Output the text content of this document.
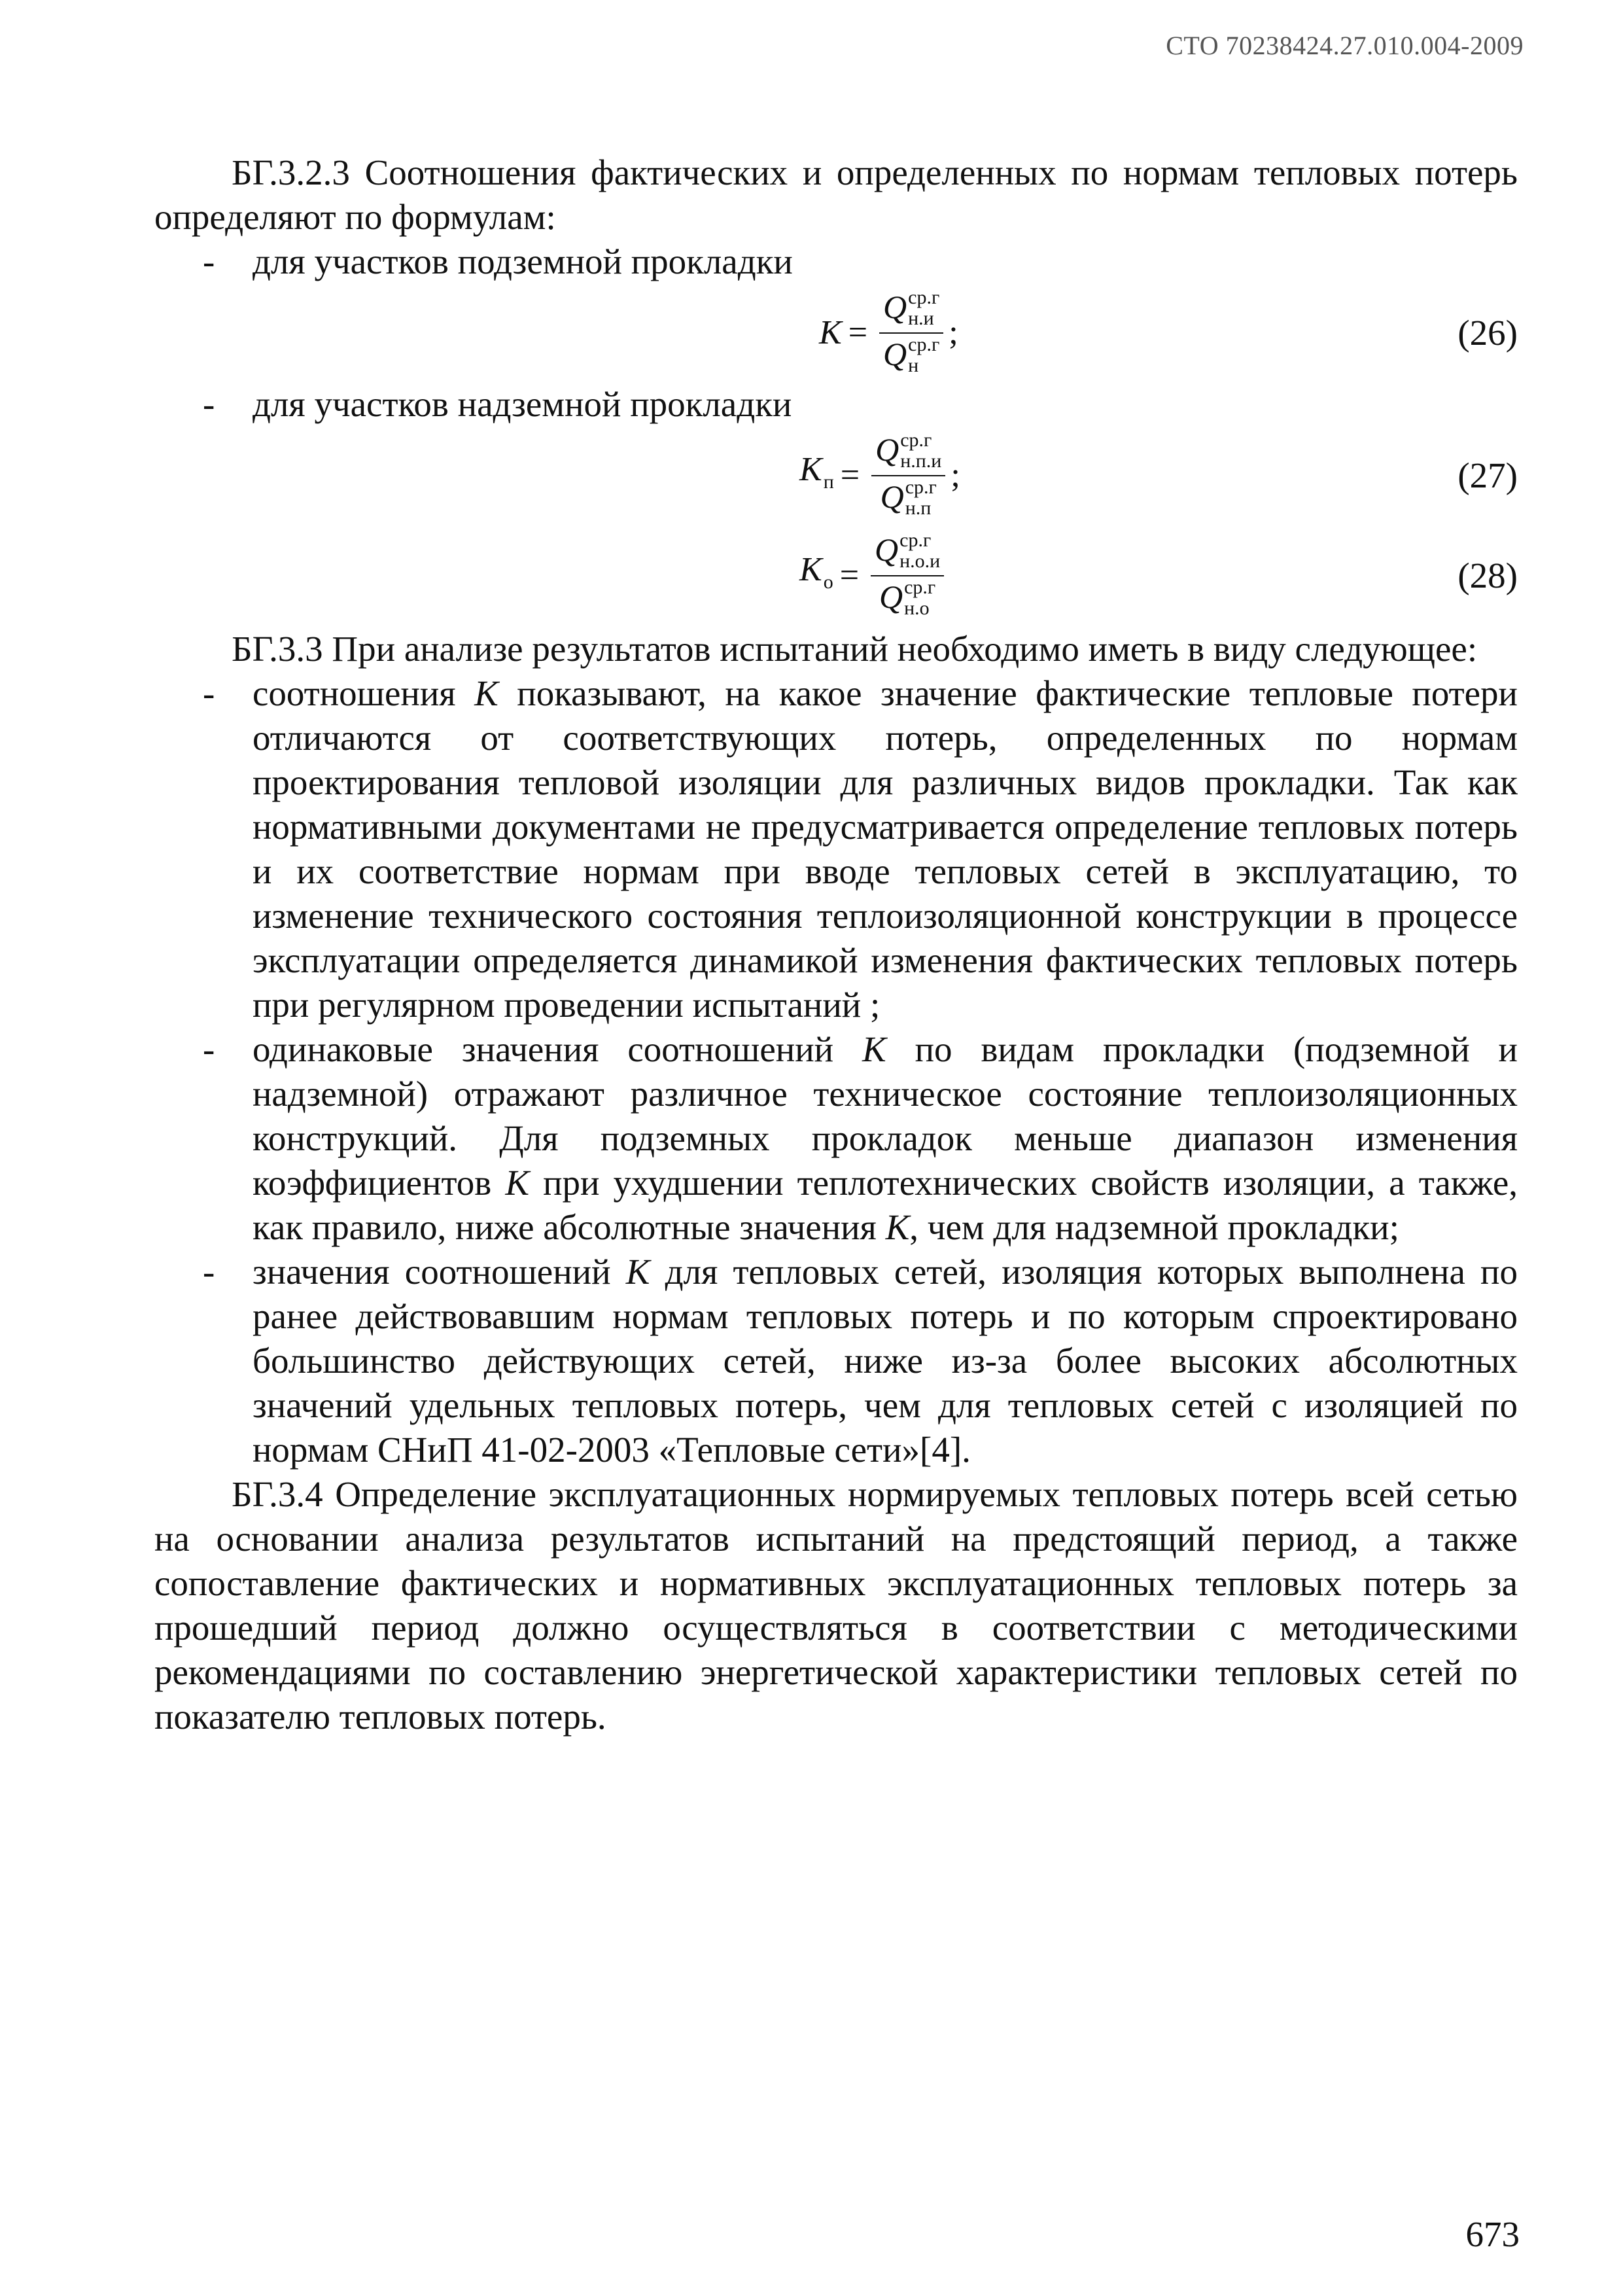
СТО 70238424.27.010.004-2009

БГ.3.2.3 Соотношения фактических и определенных по нормам тепловых потерь определяют по формулам:

- для участков подземной прокладки

K = Q ср.г
н.и
Q ср.г
н ;	(26)

- для участков надземной прокладки

$K_п = Q$ ср.г
н.п.и
Q ср.г
н.п ;	(27)
$K_о = Q$ ср.г
н.о.и
Q ср.г
н.о	(28)

БГ.3.3 При анализе результатов испытаний необходимо иметь в виду следующее:

- соотношения K показывают, на какое значение фактические тепловые потери отличаются от соответствующих потерь, определенных по нормам проектирования тепловой изоляции для различных видов прокладки. Так как нормативными документами не предусматривается определение тепловых потерь и их соответствие нормам при вводе тепловых сетей в эксплуатацию, то изменение технического состояния теплоизоляционной конструкции в процессе эксплуатации определяется динамикой изменения фактических тепловых потерь при регулярном проведении испытаний ;

- одинаковые значения соотношений K по видам прокладки (подземной и надземной) отражают различное техническое состояние теплоизоляционных конструкций. Для подземных прокладок меньше диапазон изменения коэффициентов K при ухудшении теплотехнических свойств изоляции, а также, как правило, ниже абсолютные значения K, чем для надземной прокладки;

- значения соотношений K для тепловых сетей, изоляция которых выполнена по ранее действовавшим нормам тепловых потерь и по которым спроектировано большинство действующих сетей, ниже из-за более высоких абсолютных значений удельных тепловых потерь, чем для тепловых сетей с изоляцией по нормам СНиП 41-02-2003 «Тепловые сети»[4].

БГ.3.4 Определение эксплуатационных нормируемых тепловых потерь всей сетью на основании анализа результатов испытаний на предстоящий период, а также сопоставление фактических и нормативных эксплуатационных тепловых потерь за прошедший период должно осуществляться в соответствии с методическими рекомендациями по составлению энергетической характеристики тепловых сетей по показателю тепловых потерь.

673
